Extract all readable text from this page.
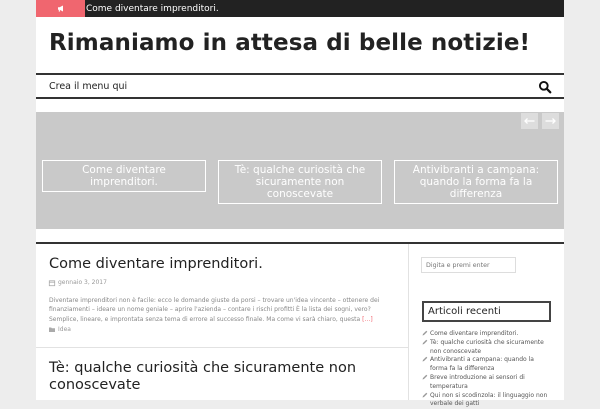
Come diventare imprenditori.
Rimaniamo in attesa di belle notizie!
Crea il menu qui
Come diventare imprenditori.
Tè: qualche curiosità che sicuramente non conoscevate
Antivibranti a campana: quando la forma fa la differenza
Come diventare imprenditori.
gennaio 3, 2017

Diventare imprenditori non è facile: ecco le domande giuste da porsi – trovare un'idea vincente – ottenere dei finanziamenti – ideare un nome geniale – aprire l'azienda – contare i rischi profitti È la lista dei sogni, vero? Semplice, lineare, e improntata senza tema di errore al successo finale. Ma come vi sarà chiaro, questa […]

Idea
Tè: qualche curiosità che sicuramente non conoscevate
Digita e premi enter
Articoli recenti
Come diventare imprenditori.
Tè: qualche curiosità che sicuramente non conoscevate
Antivibranti a campana: quando la forma fa la differenza
Breve introduzione ai sensori di temperatura
Qui non si scodinzola: il linguaggio non verbale dei gatti
